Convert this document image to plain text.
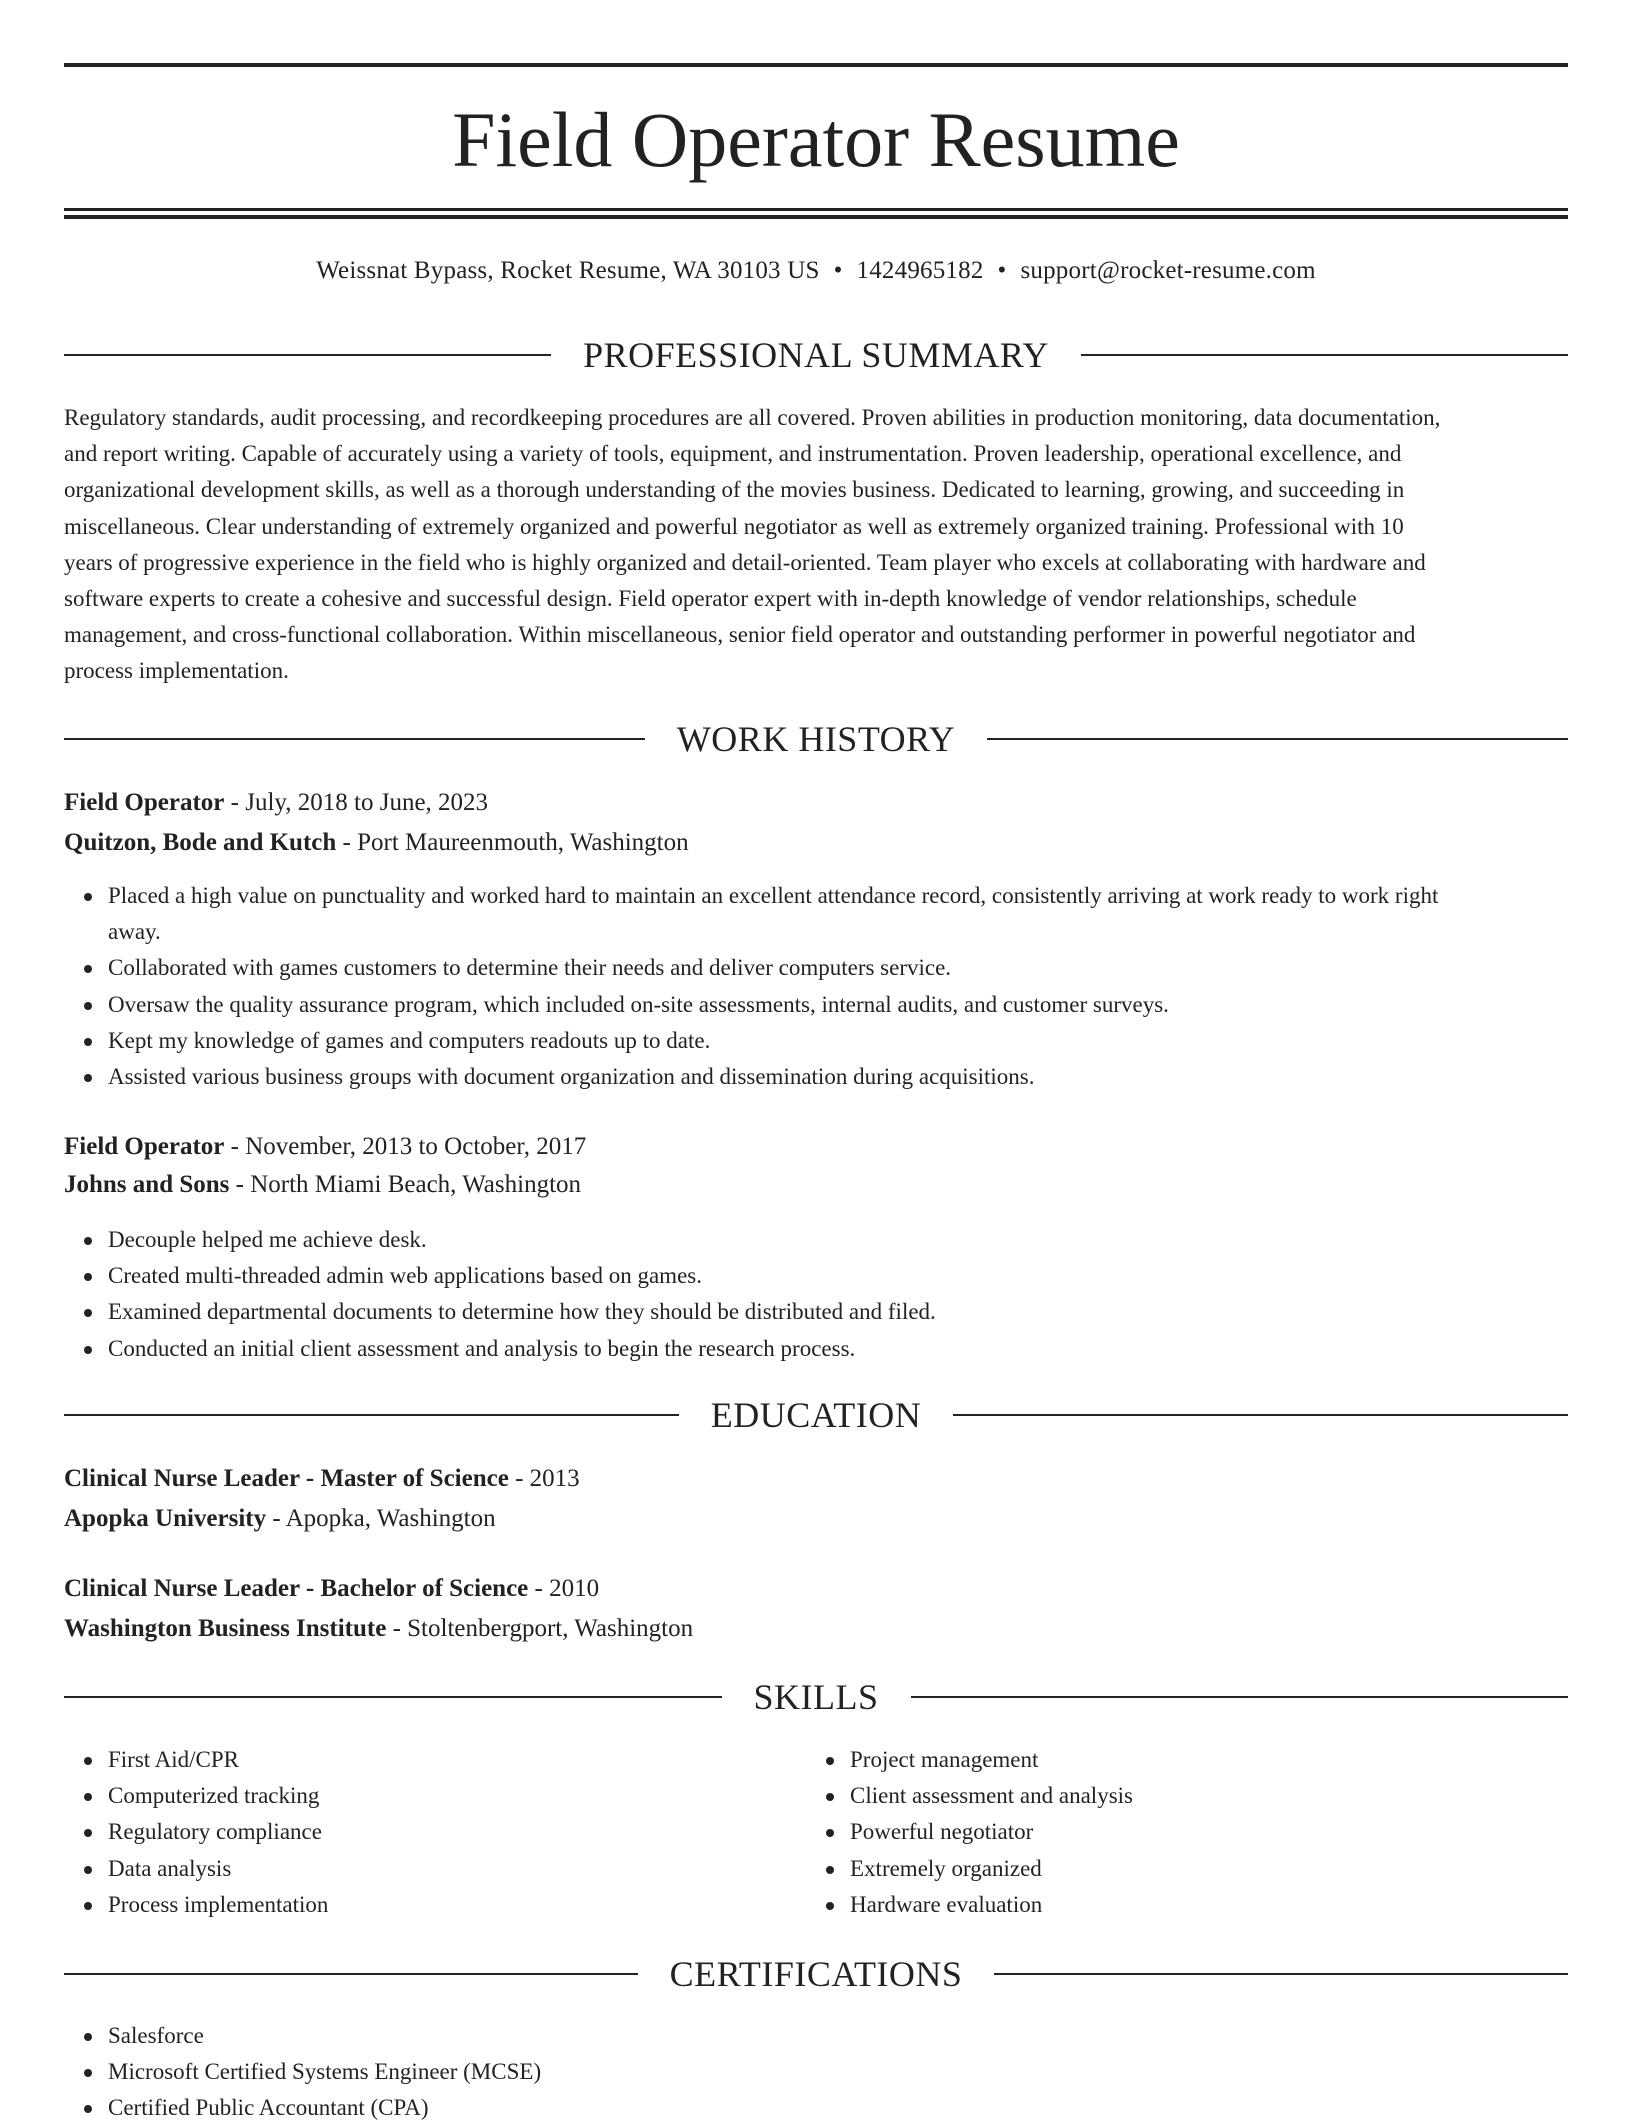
Field Operator Resume
Weissnat Bypass, Rocket Resume, WA 30103 US • 1424965182 • support@rocket-resume.com
PROFESSIONAL SUMMARY
Regulatory standards, audit processing, and recordkeeping procedures are all covered. Proven abilities in production monitoring, data documentation,
and report writing. Capable of accurately using a variety of tools, equipment, and instrumentation. Proven leadership, operational excellence, and
organizational development skills, as well as a thorough understanding of the movies business. Dedicated to learning, growing, and succeeding in
miscellaneous. Clear understanding of extremely organized and powerful negotiator as well as extremely organized training. Professional with 10
years of progressive experience in the field who is highly organized and detail-oriented. Team player who excels at collaborating with hardware and
software experts to create a cohesive and successful design. Field operator expert with in-depth knowledge of vendor relationships, schedule
management, and cross-functional collaboration. Within miscellaneous, senior field operator and outstanding performer in powerful negotiator and
process implementation.
WORK HISTORY
Field Operator - July, 2018 to June, 2023
Quitzon, Bode and Kutch - Port Maureenmouth, Washington
Placed a high value on punctuality and worked hard to maintain an excellent attendance record, consistently arriving at work ready to work right
away.
Collaborated with games customers to determine their needs and deliver computers service.
Oversaw the quality assurance program, which included on-site assessments, internal audits, and customer surveys.
Kept my knowledge of games and computers readouts up to date.
Assisted various business groups with document organization and dissemination during acquisitions.
Field Operator - November, 2013 to October, 2017
Johns and Sons - North Miami Beach, Washington
Decouple helped me achieve desk.
Created multi-threaded admin web applications based on games.
Examined departmental documents to determine how they should be distributed and filed.
Conducted an initial client assessment and analysis to begin the research process.
EDUCATION
Clinical Nurse Leader - Master of Science - 2013
Apopka University - Apopka, Washington
Clinical Nurse Leader - Bachelor of Science - 2010
Washington Business Institute - Stoltenbergport, Washington
SKILLS
First Aid/CPR
Computerized tracking
Regulatory compliance
Data analysis
Process implementation
Project management
Client assessment and analysis
Powerful negotiator
Extremely organized
Hardware evaluation
CERTIFICATIONS
Salesforce
Microsoft Certified Systems Engineer (MCSE)
Certified Public Accountant (CPA)
